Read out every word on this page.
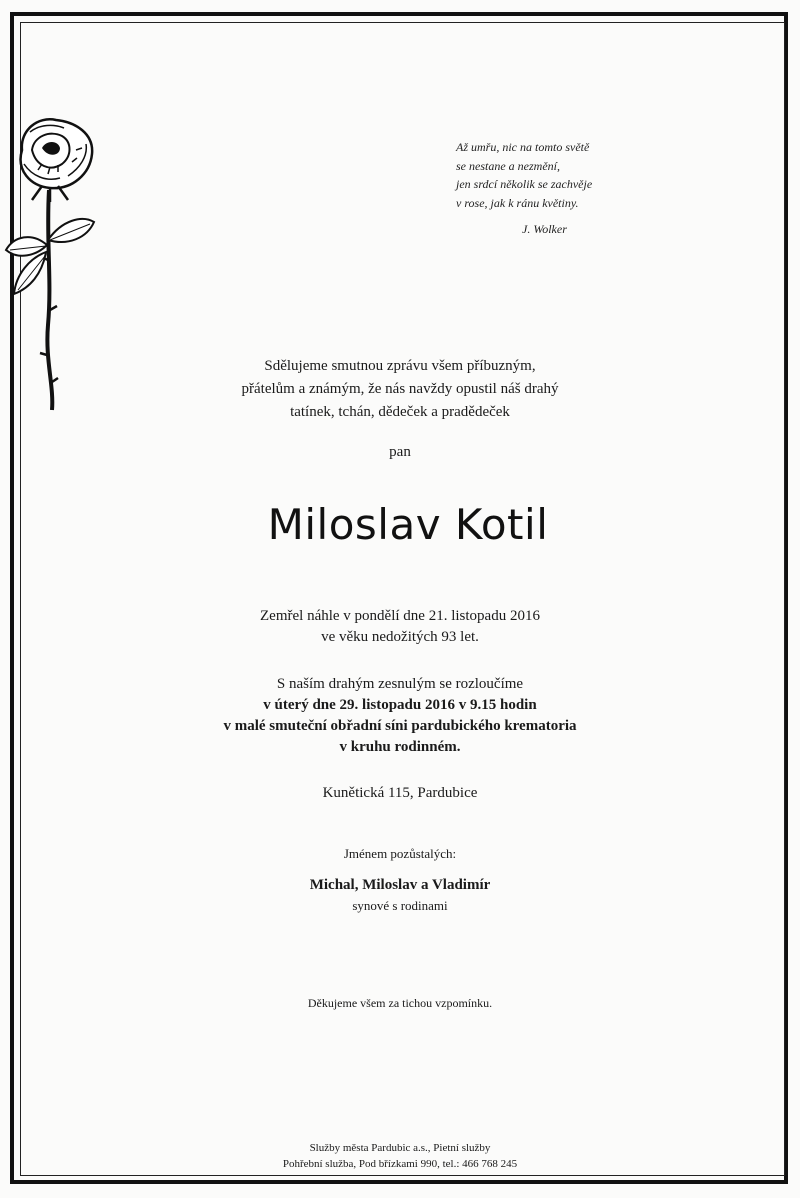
Až umřu, nic na tomto světě
se nestane a nezmění,
jen srdcí několik se zachvěje
v rose, jak k ránu květiny.
J. Wolker
Sdělujeme smutnou zprávu všem příbuzným,
přátelům a známým, že nás navždy opustil náš drahý
tatínek, tchán, dědeček a pradědeček
pan
Miloslav Kotil
Zemřel náhle v pondělí dne 21. listopadu 2016
ve věku nedožitých 93 let.
S naším drahým zesnulým se rozloučíme
v úterý dne 29. listopadu 2016 v 9.15 hodin
v malé smuteční obřadní síni pardubického krematoria
v kruhu rodinném.
Kunětická 115, Pardubice
Jménem pozůstalých:
Michal, Miloslav a Vladimír
synové s rodinami
Děkujeme všem za tichou vzpomínku.
Služby města Pardubic a.s., Pietní služby
Pohřební služba, Pod břízkami 990, tel.: 466 768 245
